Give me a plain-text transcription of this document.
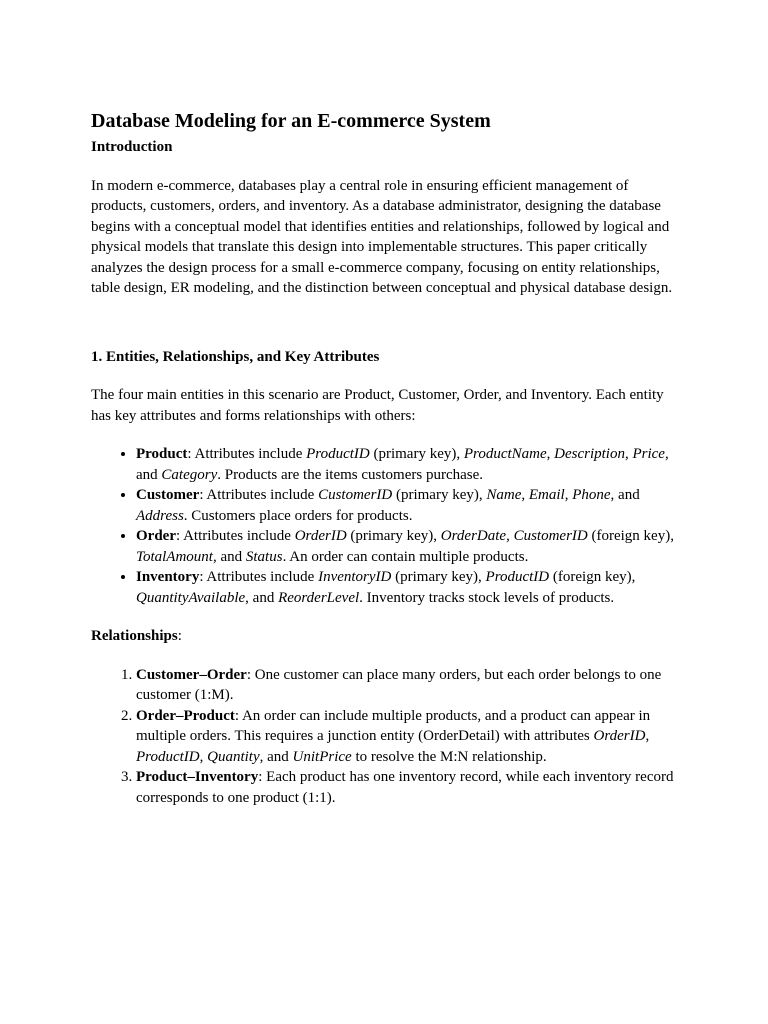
Database Modeling for an E-commerce System

Introduction

In modern e-commerce, databases play a central role in ensuring efficient management of products, customers, orders, and inventory. As a database administrator, designing the database begins with a conceptual model that identifies entities and relationships, followed by logical and physical models that translate this design into implementable structures. This paper critically analyzes the design process for a small e-commerce company, focusing on entity relationships, table design, ER modeling, and the distinction between conceptual and physical database design.

1. Entities, Relationships, and Key Attributes

The four main entities in this scenario are Product, Customer, Order, and Inventory. Each entity has key attributes and forms relationships with others:

• Product: Attributes include ProductID (primary key), ProductName, Description, Price, and Category. Products are the items customers purchase.
• Customer: Attributes include CustomerID (primary key), Name, Email, Phone, and Address. Customers place orders for products.
• Order: Attributes include OrderID (primary key), OrderDate, CustomerID (foreign key), TotalAmount, and Status. An order can contain multiple products.
• Inventory: Attributes include InventoryID (primary key), ProductID (foreign key), QuantityAvailable, and ReorderLevel. Inventory tracks stock levels of products.

Relationships:

1. Customer–Order: One customer can place many orders, but each order belongs to one customer (1:M).
2. Order–Product: An order can include multiple products, and a product can appear in multiple orders. This requires a junction entity (OrderDetail) with attributes OrderID, ProductID, Quantity, and UnitPrice to resolve the M:N relationship.
3. Product–Inventory: Each product has one inventory record, while each inventory record corresponds to one product (1:1).
